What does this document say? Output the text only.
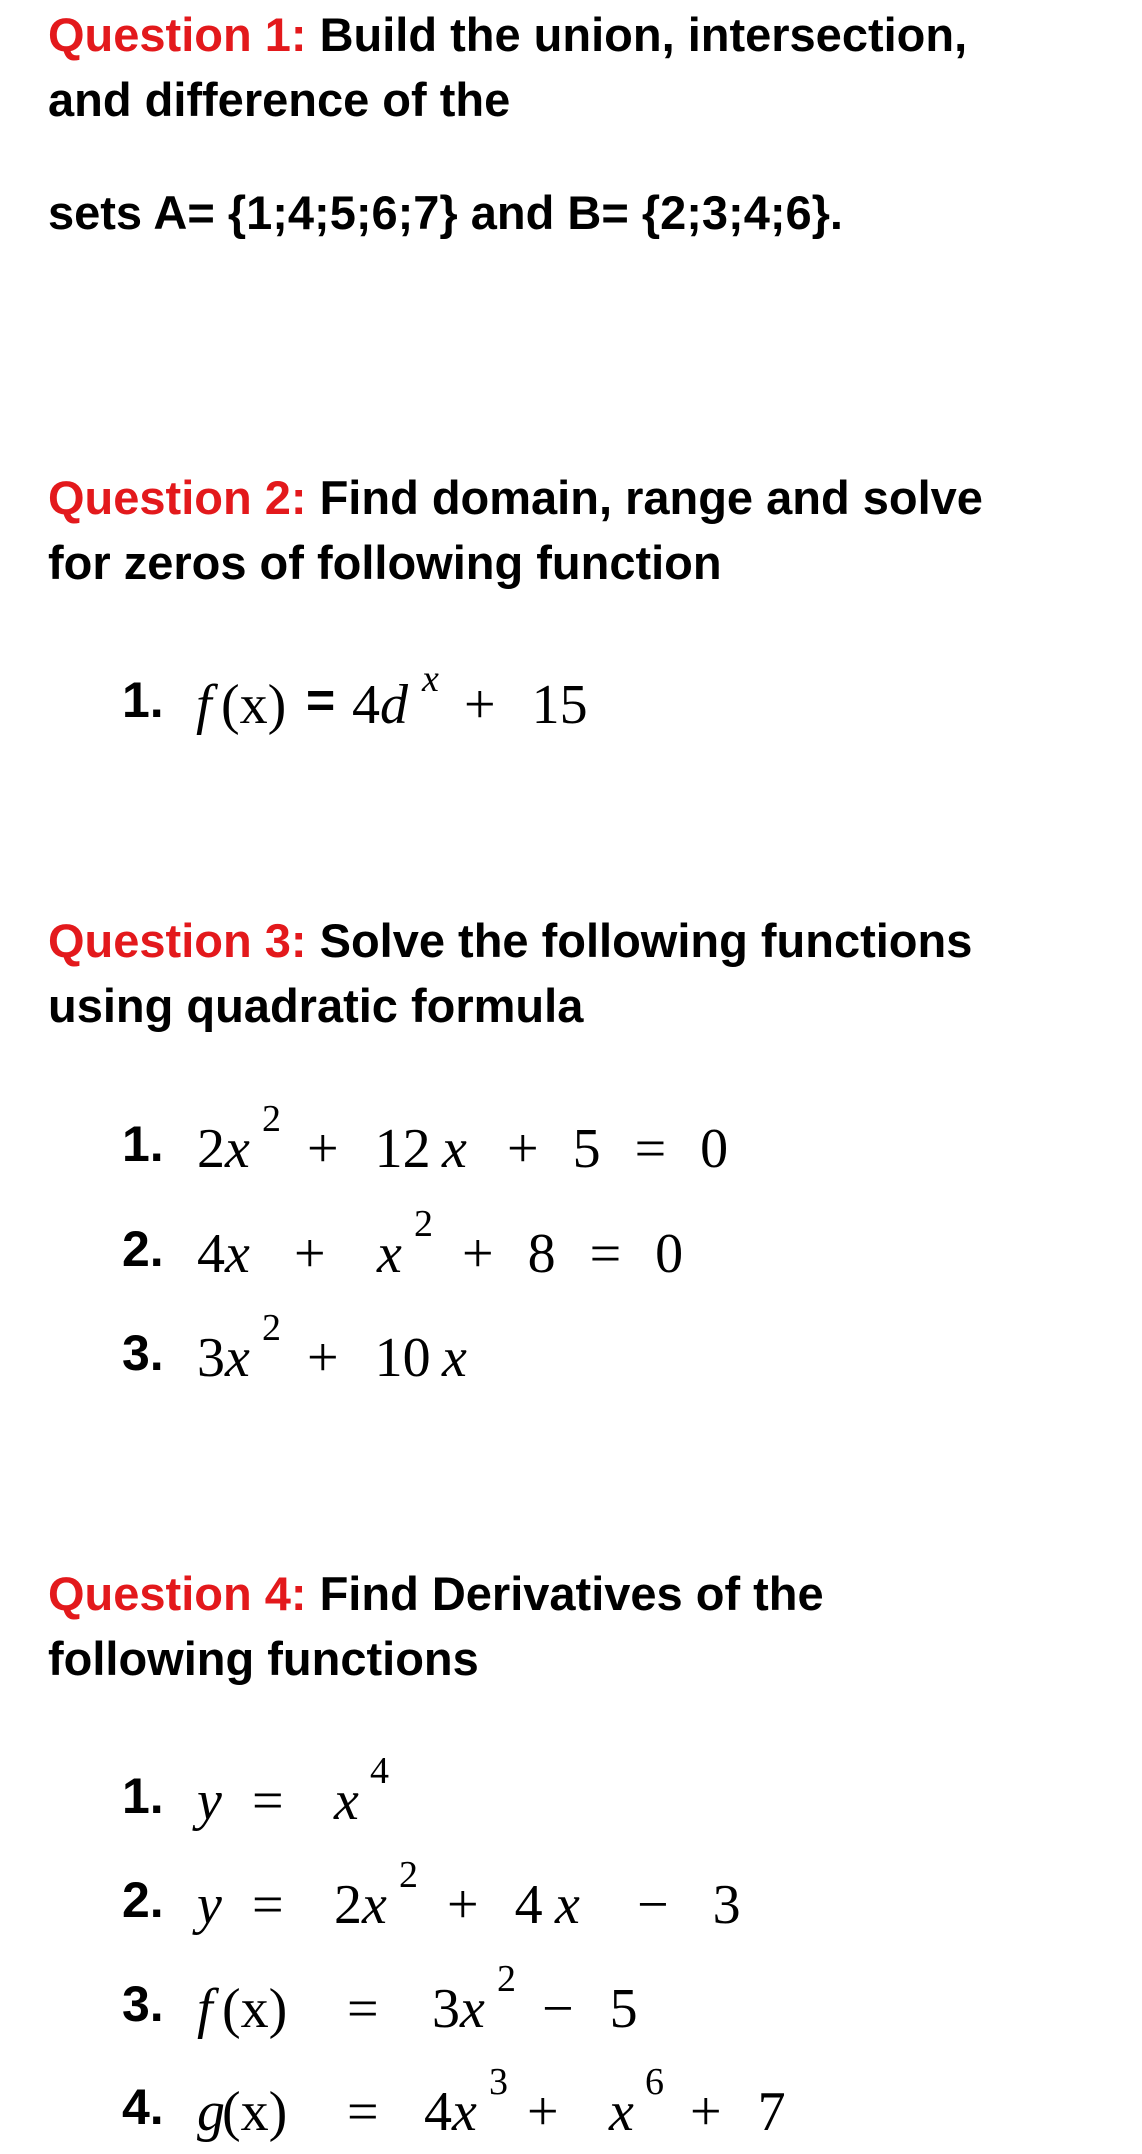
Question 1: Build the union, intersection,
and difference of the
sets A= {1;4;5;6;7} and B= {2;3;4;6}.
Question 2: Find domain, range and solve
for zeros of following function
1. f (x) = 4 d x + 15
Question 3: Solve the following functions
using quadratic formula
1. 2 x 2 + 12 x + 5 = 0
2. 4 x + x 2 + 8 = 0
3. 3 x 2 + 10 x
Question 4: Find Derivatives of the
following functions
1. y = x 4
2. y = 2 x 2 + 4 x − 3
3. f (x) = 3 x 2 − 5
4. g
(x) = 4 x 3 + x 6 + 7
